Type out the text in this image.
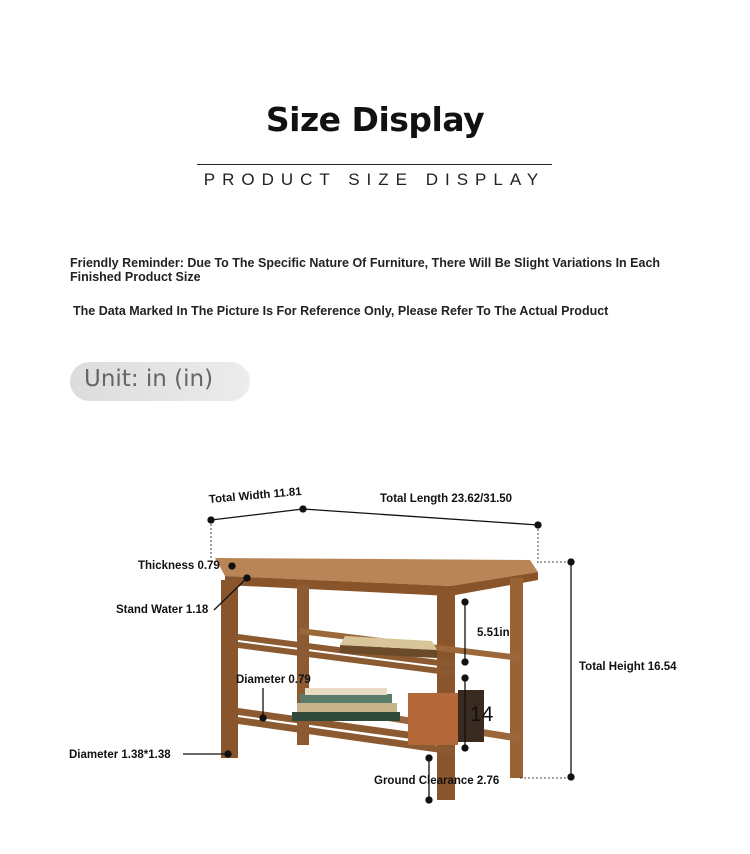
Size Display
PRODUCT SIZE DISPLAY
Friendly Reminder: Due To The Specific Nature Of Furniture, There Will Be Slight Variations In Each Finished Product Size
The Data Marked In The Picture Is For Reference Only, Please Refer To The Actual Product
Unit: in (in)
Total Width 11.81	Total Length 23.62/31.50
Thickness 0.79
Stand Water 1.18
5.51in
Total Height 16.54
Diameter 0.79
14
Diameter 1.38*1.38
Ground Clearance 2.76
